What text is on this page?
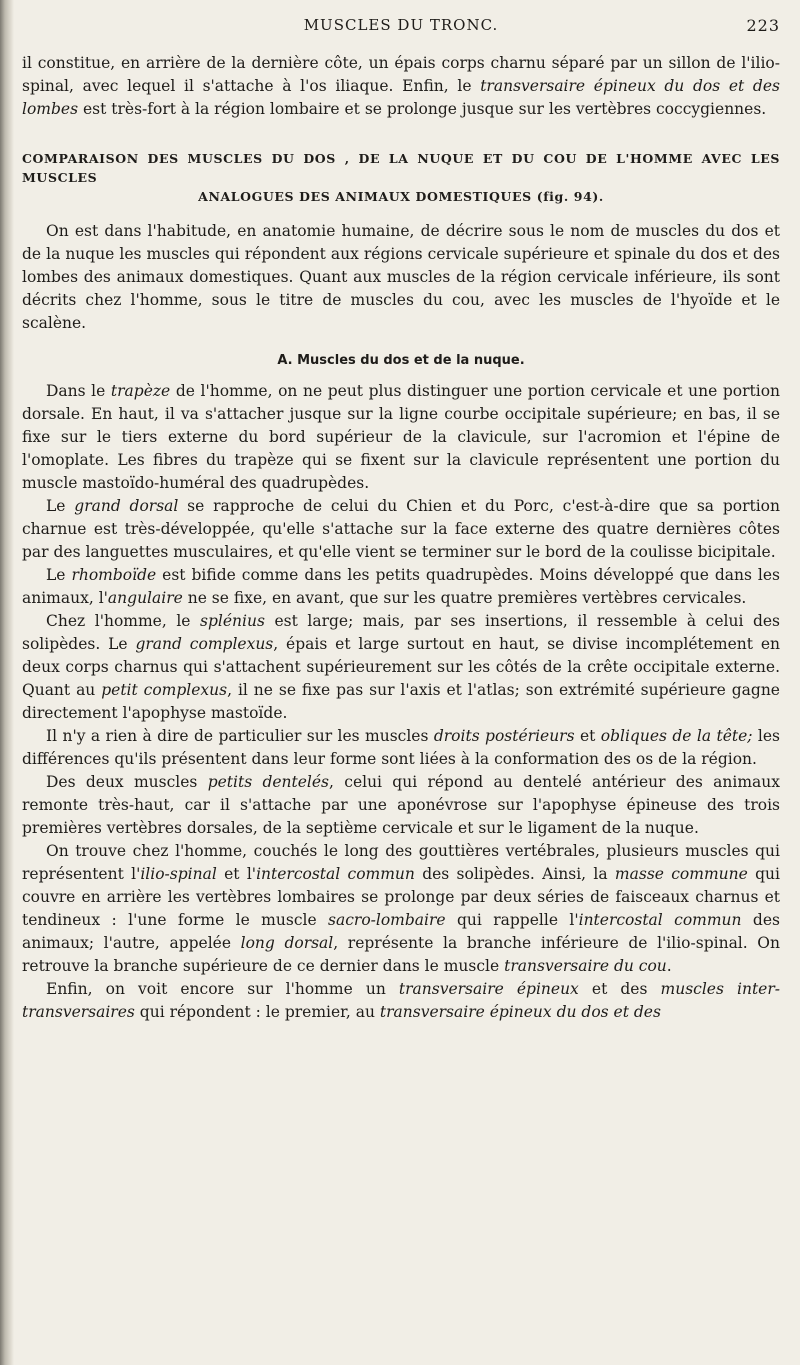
MUSCLES DU TRONC.	223

il constitue, en arrière de la dernière côte, un épais corps charnu séparé par un sillon de l'ilio-spinal, avec lequel il s'attache à l'os iliaque. Enfin, le transversaire épineux du dos et des lombes est très-fort à la région lombaire et se prolonge jusque sur les vertèbres coccygiennes.

COMPARAISON DES MUSCLES DU DOS , DE LA NUQUE ET DU COU DE L'HOMME AVEC LES MUSCLES
ANALOGUES DES ANIMAUX DOMESTIQUES (fig. 94).

On est dans l'habitude, en anatomie humaine, de décrire sous le nom de muscles du dos et de la nuque les muscles qui répondent aux régions cervicale supérieure et spinale du dos et des lombes des animaux domestiques. Quant aux muscles de la région cervicale inférieure, ils sont décrits chez l'homme, sous le titre de muscles du cou, avec les muscles de l'hyoïde et le scalène.

A. Muscles du dos et de la nuque.

Dans le trapèze de l'homme, on ne peut plus distinguer une portion cervicale et une portion dorsale. En haut, il va s'attacher jusque sur la ligne courbe occipitale supérieure; en bas, il se fixe sur le tiers externe du bord supérieur de la clavicule, sur l'acromion et l'épine de l'omoplate. Les fibres du trapèze qui se fixent sur la clavicule représentent une portion du muscle mastoïdo-huméral des quadrupèdes.

Le grand dorsal se rapproche de celui du Chien et du Porc, c'est-à-dire que sa portion charnue est très-développée, qu'elle s'attache sur la face externe des quatre dernières côtes par des languettes musculaires, et qu'elle vient se terminer sur le bord de la coulisse bicipitale.

Le rhomboïde est bifide comme dans les petits quadrupèdes. Moins développé que dans les animaux, l'angulaire ne se fixe, en avant, que sur les quatre premières vertèbres cervicales.

Chez l'homme, le splénius est large; mais, par ses insertions, il ressemble à celui des solipèdes. Le grand complexus, épais et large surtout en haut, se divise incomplétement en deux corps charnus qui s'attachent supérieurement sur les côtés de la crête occipitale externe. Quant au petit complexus, il ne se fixe pas sur l'axis et l'atlas; son extrémité supérieure gagne directement l'apophyse mastoïde.

Il n'y a rien à dire de particulier sur les muscles droits postérieurs et obliques de la tête; les différences qu'ils présentent dans leur forme sont liées à la conformation des os de la région.

Des deux muscles petits dentelés, celui qui répond au dentelé antérieur des animaux remonte très-haut, car il s'attache par une aponévrose sur l'apophyse épineuse des trois premières vertèbres dorsales, de la septième cervicale et sur le ligament de la nuque.

On trouve chez l'homme, couchés le long des gouttières vertébrales, plusieurs muscles qui représentent l'ilio-spinal et l'intercostal commun des solipèdes. Ainsi, la masse commune qui couvre en arrière les vertèbres lombaires se prolonge par deux séries de faisceaux charnus et tendineux : l'une forme le muscle sacro-lombaire qui rappelle l'intercostal commun des animaux; l'autre, appelée long dorsal, représente la branche inférieure de l'ilio-spinal. On retrouve la branche supérieure de ce dernier dans le muscle transversaire du cou.

Enfin, on voit encore sur l'homme un transversaire épineux et des muscles inter-transversaires qui répondent : le premier, au transversaire épineux du dos et des
